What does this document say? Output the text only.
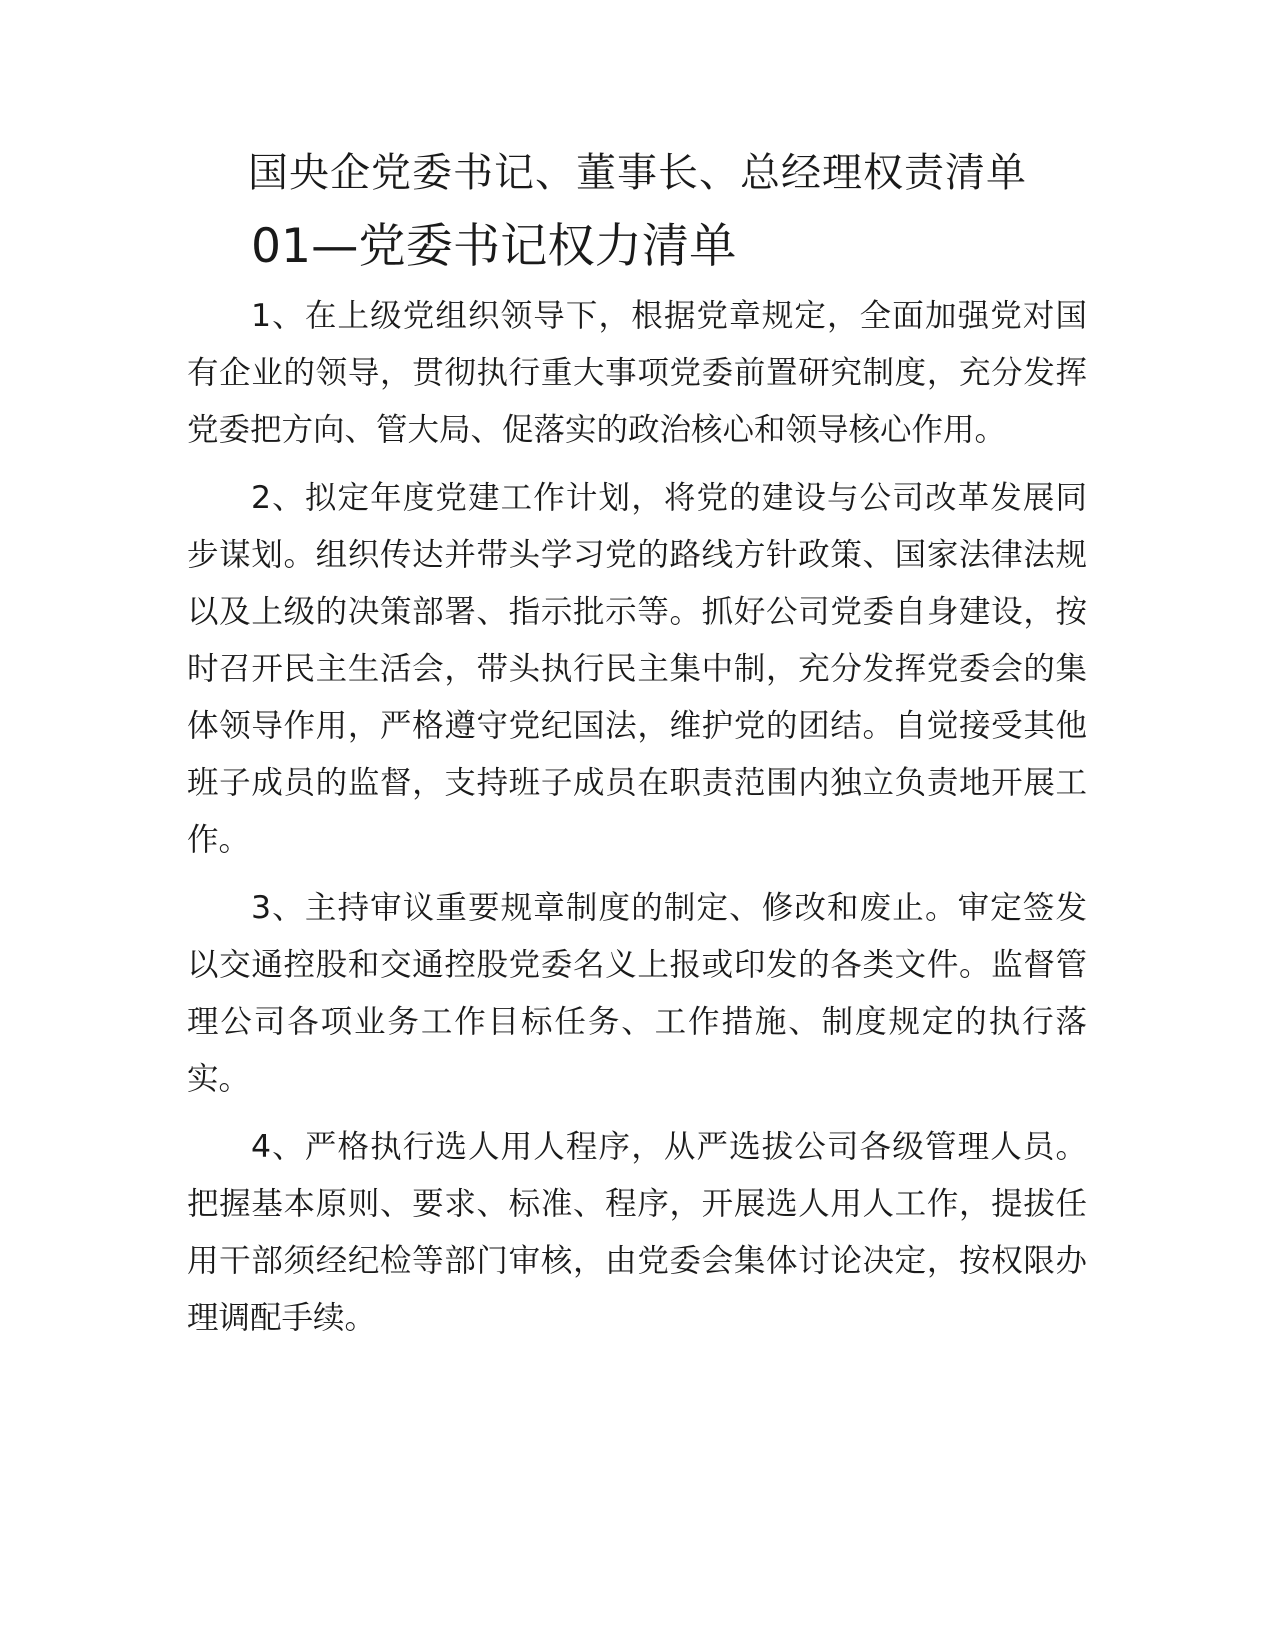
国央企党委书记、董事长、总经理权责清单
01—党委书记权力清单

1、在上级党组织领导下，根据党章规定，全面加强党对国有企业的领导，贯彻执行重大事项党委前置研究制度，充分发挥党委把方向、管大局、促落实的政治核心和领导核心作用。

2、拟定年度党建工作计划，将党的建设与公司改革发展同步谋划。组织传达并带头学习党的路线方针政策、国家法律法规以及上级的决策部署、指示批示等。抓好公司党委自身建设，按时召开民主生活会，带头执行民主集中制，充分发挥党委会的集体领导作用，严格遵守党纪国法，维护党的团结。自觉接受其他班子成员的监督，支持班子成员在职责范围内独立负责地开展工作。

3、主持审议重要规章制度的制定、修改和废止。审定签发以交通控股和交通控股党委名义上报或印发的各类文件。监督管理公司各项业务工作目标任务、工作措施、制度规定的执行落实。

4、严格执行选人用人程序，从严选拔公司各级管理人员。把握基本原则、要求、标准、程序，开展选人用人工作，提拔任用干部须经纪检等部门审核，由党委会集体讨论决定，按权限办理调配手续。
